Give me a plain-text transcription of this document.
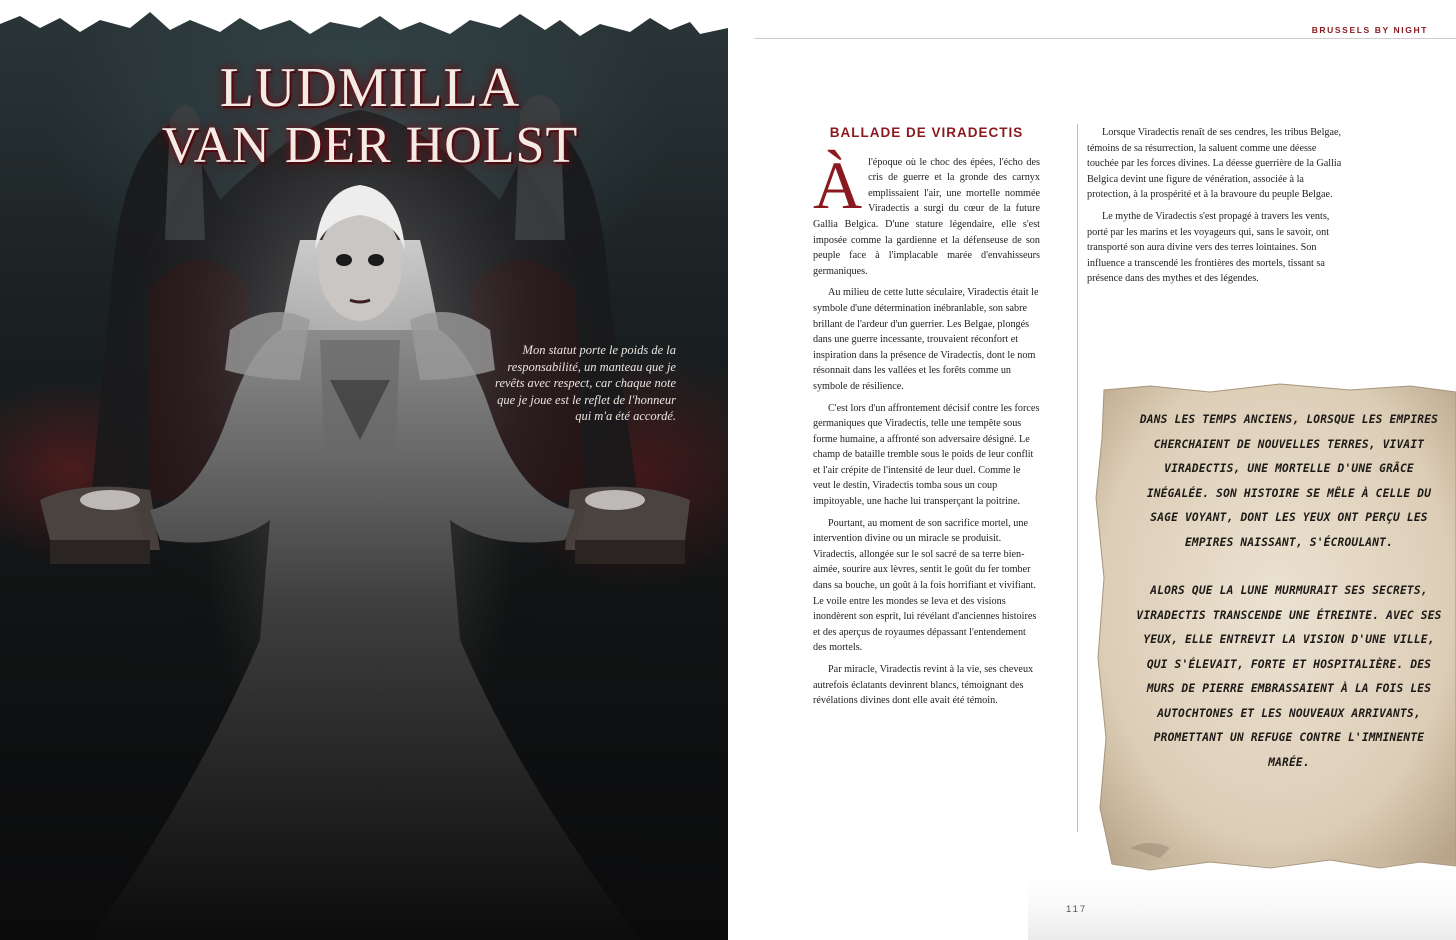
LUDMILLA
VAN DER HOLST
Mon statut porte le poids de la responsabilité, un manteau que je revêts avec respect, car chaque note que je joue est le reflet de l'honneur qui m'a été accordé.
BRUSSELS BY NIGHT
BALLADE DE VIRADECTIS

Àl'époque où le choc des épées, l'écho des cris de guerre et la gronde des carnyx emplissaient l'air, une mortelle nommée Viradectis a surgi du cœur de la future Gallia Belgica. D'une stature légendaire, elle s'est imposée comme la gardienne et la défenseuse de son peuple face à l'implacable marée d'envahisseurs germaniques.

Au milieu de cette lutte séculaire, Viradectis était le symbole d'une détermination inébranlable, son sabre brillant de l'ardeur d'un guerrier. Les Belgae, plongés dans une guerre incessante, trouvaient réconfort et inspiration dans la présence de Viradectis, dont le nom résonnait dans les vallées et les forêts comme un symbole de résilience.

C'est lors d'un affrontement décisif contre les forces germaniques que Viradectis, telle une tempête sous forme humaine, a affronté son adversaire désigné. Le champ de bataille tremble sous le poids de leur conflit et l'air crépite de l'intensité de leur duel. Comme le veut le destin, Viradectis tomba sous un coup impitoyable, une hache lui transperçant la poitrine.

Pourtant, au moment de son sacrifice mortel, une intervention divine ou un miracle se produisit. Viradectis, allongée sur le sol sacré de sa terre bien-aimée, sourire aux lèvres, sentit le goût du fer tomber dans sa bouche, un goût à la fois horrifiant et vivifiant. Le voile entre les mondes se leva et des visions inondèrent son esprit, lui révélant d'anciennes histoires et des aperçus de royaumes dépassant l'entendement des mortels.

Par miracle, Viradectis revint à la vie, ses cheveux autrefois éclatants devinrent blancs, témoignant des révélations divines dont elle avait été témoin.

Lorsque Viradectis renaît de ses cendres, les tribus Belgae, témoins de sa résurrection, la saluent comme une déesse touchée par les forces divines. La déesse guerrière de la Gallia Belgica devint une figure de vénération, associée à la protection, à la prospérité et à la bravoure du peuple Belgae.

Le mythe de Viradectis s'est propagé à travers les vents, porté par les marins et les voyageurs qui, sans le savoir, ont transporté son aura divine vers des terres lointaines. Son influence a transcendé les frontières des mortels, tissant sa présence dans des mythes et des légendes.

DANS LES TEMPS ANCIENS, LORSQUE LES EMPIRES CHERCHAIENT DE NOUVELLES TERRES, VIVAIT VIRADECTIS, UNE MORTELLE D'UNE GRÂCE INÉGALÉE. SON HISTOIRE SE MÊLE À CELLE DU SAGE VOYANT, DONT LES YEUX ONT PERÇU LES EMPIRES NAISSANT, S'ÉCROULANT.

ALORS QUE LA LUNE MURMURAIT SES SECRETS, VIRADECTIS TRANSCENDE UNE ÉTREINTE. AVEC SES YEUX, ELLE ENTREVIT LA VISION D'UNE VILLE, QUI S'ÉLEVAIT, FORTE ET HOSPITALIÈRE. DES MURS DE PIERRE EMBRASSAIENT À LA FOIS LES AUTOCHTONES ET LES NOUVEAUX ARRIVANTS, PROMETTANT UN REFUGE CONTRE L'IMMINENTE MARÉE.

117
